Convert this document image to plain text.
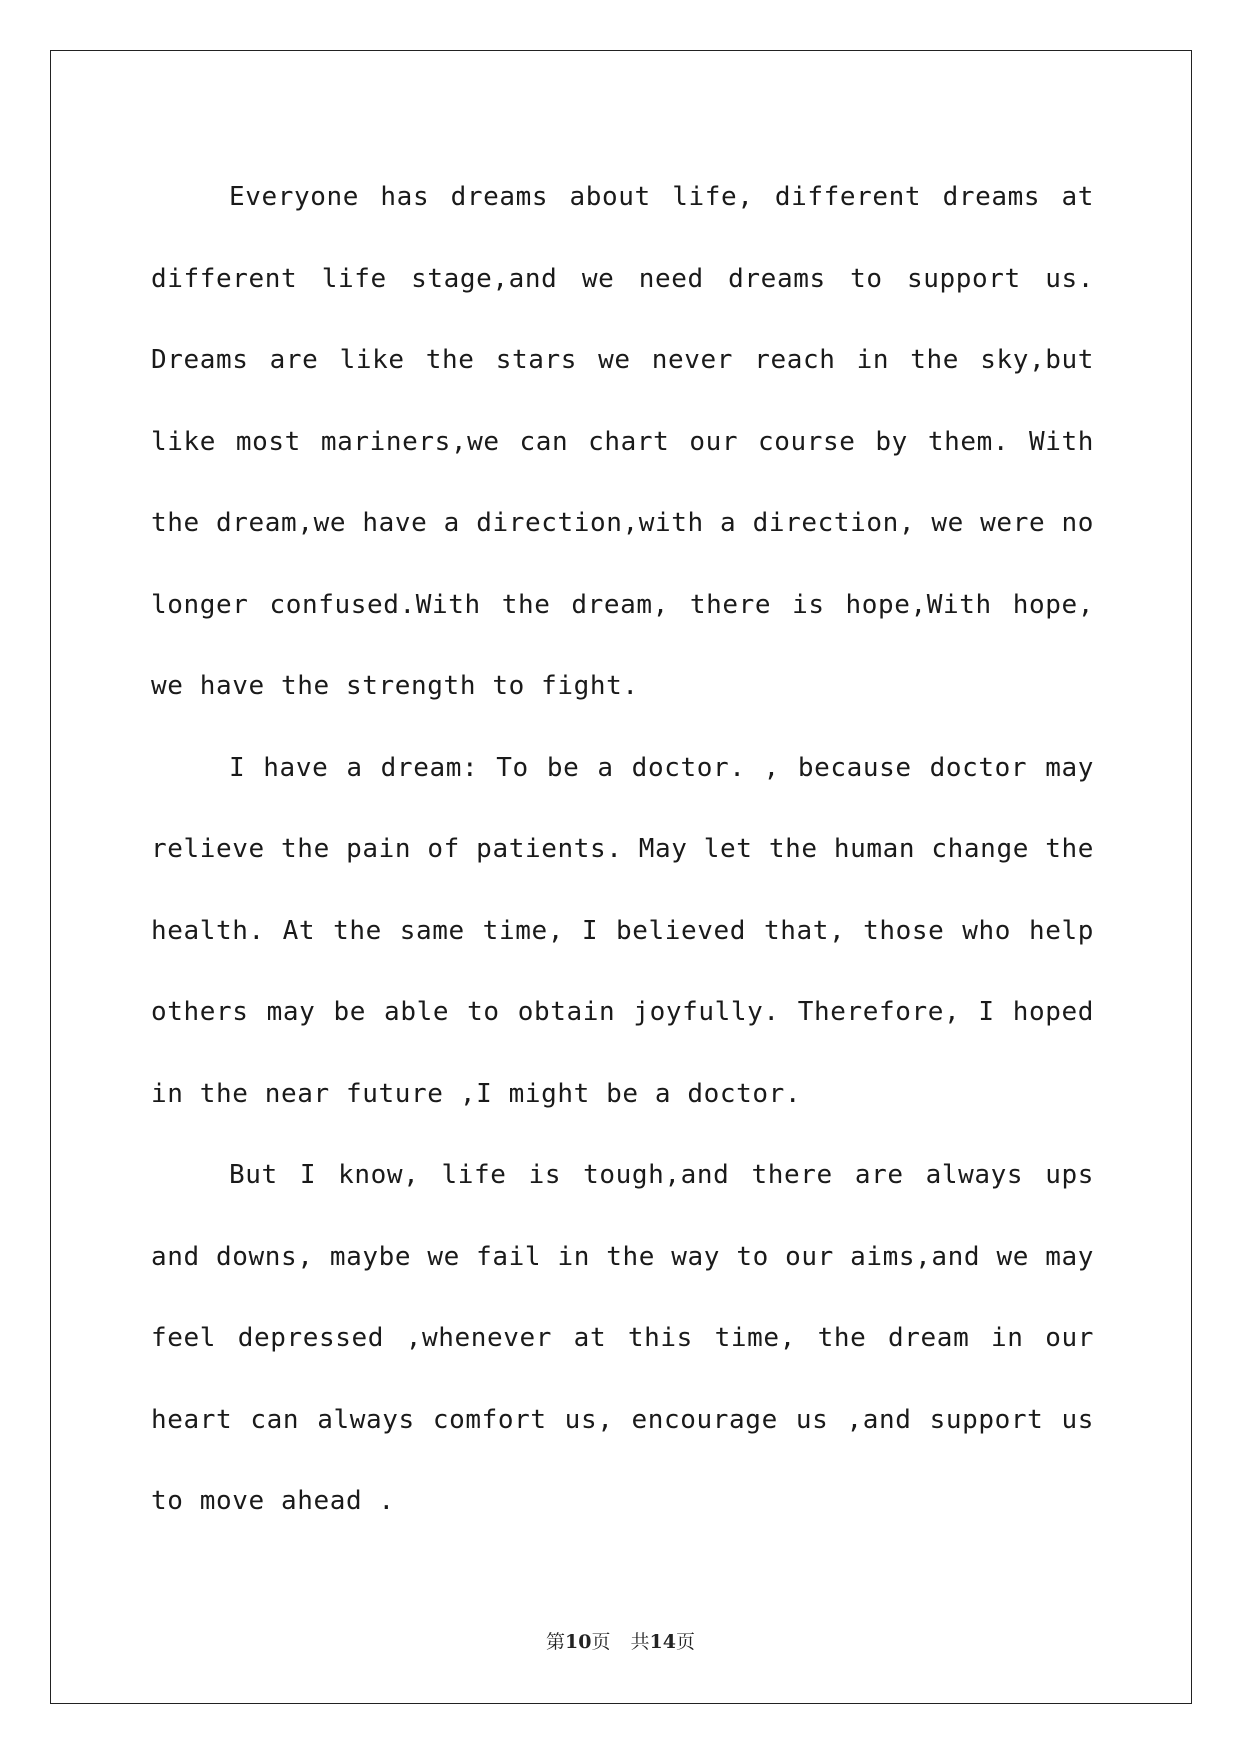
Everyone has dreams about life, different dreams at different life stage,and we need dreams to support us. Dreams are like the stars we never reach in the sky,but like most mariners,we can chart our course by them. With the dream,we have a direction,with a direction, we were no longer confused.With the dream, there is hope,With hope, we have the strength to fight.

I have a dream: To be a doctor. , because doctor may relieve the pain of patients. May let the human change the health. At the same time, I believed that, those who help others may be able to obtain joyfully. Therefore, I hoped in the near future ,I might be a doctor.

But I know, life is tough,and there are always ups and downs, maybe we fail in the way to our aims,and we may feel depressed ,whenever at this time, the dream in our heart can always comfort us, encourage us ,and support us to move ahead .

第10页 共14页
